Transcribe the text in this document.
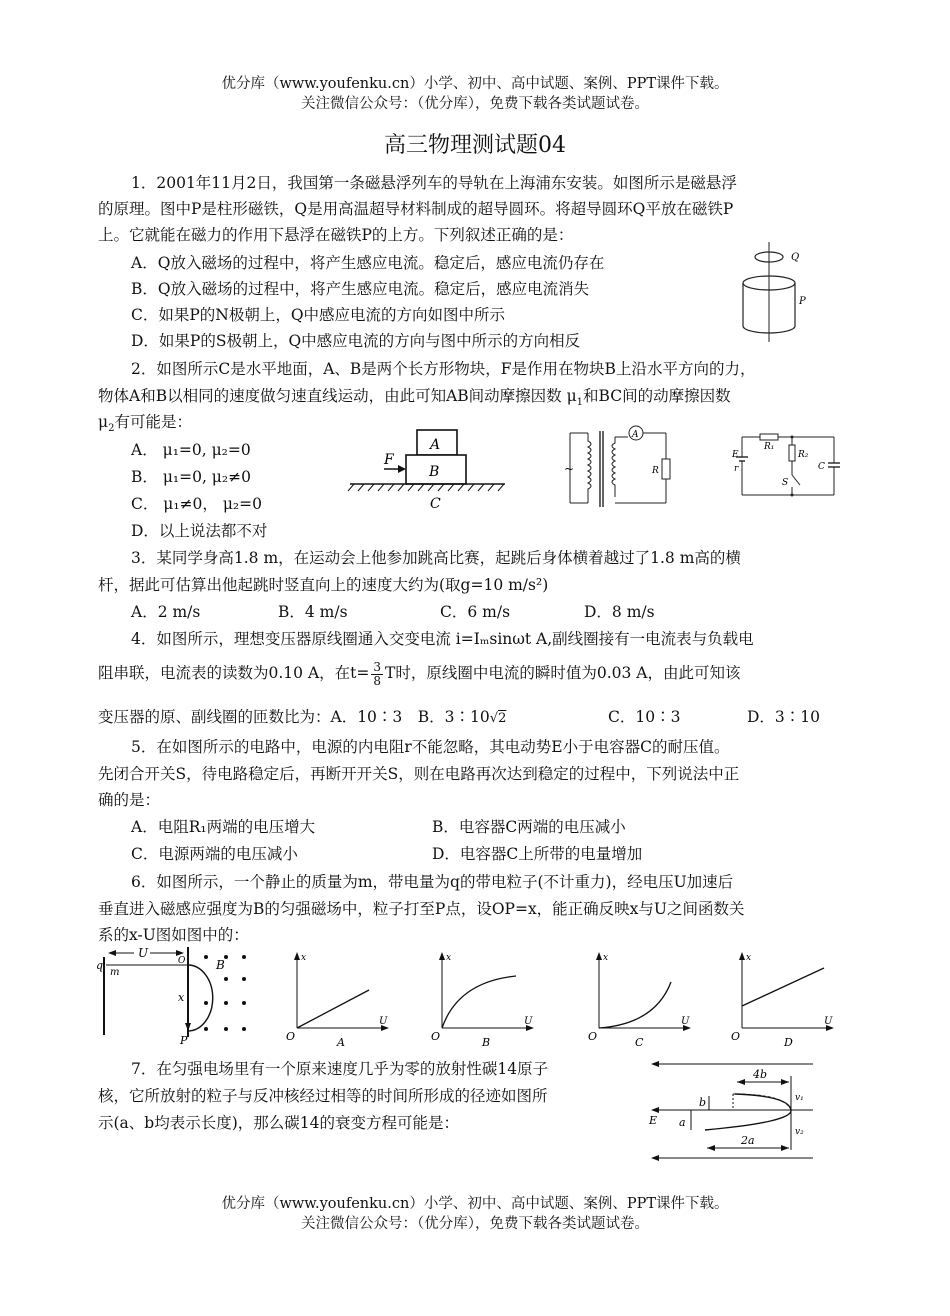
优分库（www.youfenku.cn）小学、初中、高中试题、案例、PPT课件下载。
关注微信公众号：（优分库），免费下载各类试题试卷。
高三物理测试题04
1．2001年11月2日，我国第一条磁悬浮列车的导轨在上海浦东安装。如图所示是磁悬浮
的原理。图中P是柱形磁铁，Q是用高温超导材料制成的超导圆环。将超导圆环Q平放在磁铁P
上。它就能在磁力的作用下悬浮在磁铁P的上方。下列叙述正确的是：
A．Q放入磁场的过程中，将产生感应电流。稳定后，感应电流仍存在
B．Q放入磁场的过程中，将产生感应电流。稳定后，感应电流消失
C．如果P的N极朝上，Q中感应电流的方向如图中所示
D．如果P的S极朝上，Q中感应电流的方向与图中所示的方向相反
Q
P
2．如图所示C是水平地面，A、B是两个长方形物块，F是作用在物块B上沿水平方向的力，
物体A和B以相同的速度做匀速直线运动，由此可知AB间动摩擦因数 $\mu_1$和BC间的动摩擦因数
$\mu_2$有可能是：
A． μ₁=0, μ₂=0
B． μ₁=0, μ₂≠0
C． μ₁≠0， μ₂=0
D．以上说法都不对
A
B
F
C
~
A
R
R₁
R₂
S
C
E
r
3．某同学身高1.8 m，在运动会上他参加跳高比赛，起跳后身体横着越过了1.8 m高的横
杆，据此可估算出他起跳时竖直向上的速度大约为(取g=10 m/s²)
A．2 m/s	B．4 m/s	C．6 m/s	D．8 m/s
4．如图所示，理想变压器原线圈通入交变电流 i=Iₘsinωt A,副线圈接有一电流表与负载电
阻串联，电流表的读数为0.10 A，在$t= \frac{3}{8}$ T时，原线圈中电流的瞬时值为0.03 A，由此可知该
变压器的原、副线圈的匝数比为：A．10∶3　B．3∶10√2	C．10∶3	D．3∶10
5．在如图所示的电路中，电源的内电阻r不能忽略，其电动势E小于电容器C的耐压值。
先闭合开关S，待电路稳定后，再断开开关S，则在电路再次达到稳定的过程中，下列说法中正
确的是：
A．电阻R₁两端的电压增大	B．电容器C两端的电压减小
C．电源两端的电压减小	D．电容器C上所带的电量增加
6．如图所示，一个静止的质量为m，带电量为q的带电粒子(不计重力)，经电压U加速后
垂直进入磁感应强度为B的匀强磁场中，粒子打至P点，设OP=x，能正确反映x与U之间函数关
系的x-U图如图中的：
U
q
m
O
x
P
B	x
U
O	A
x
U
O	B
x
U
O	C
x
U
O	D
7．在匀强电场里有一个原来速度几乎为零的放射性碳14原子
核，它所放射的粒子与反冲核经过相等的时间所形成的径迹如图所
示(a、b均表示长度)，那么碳14的衰变方程可能是：	E
4b
b
a
2a
v₁
v₂
优分库（www.youfenku.cn）小学、初中、高中试题、案例、PPT课件下载。
关注微信公众号：（优分库），免费下载各类试题试卷。
